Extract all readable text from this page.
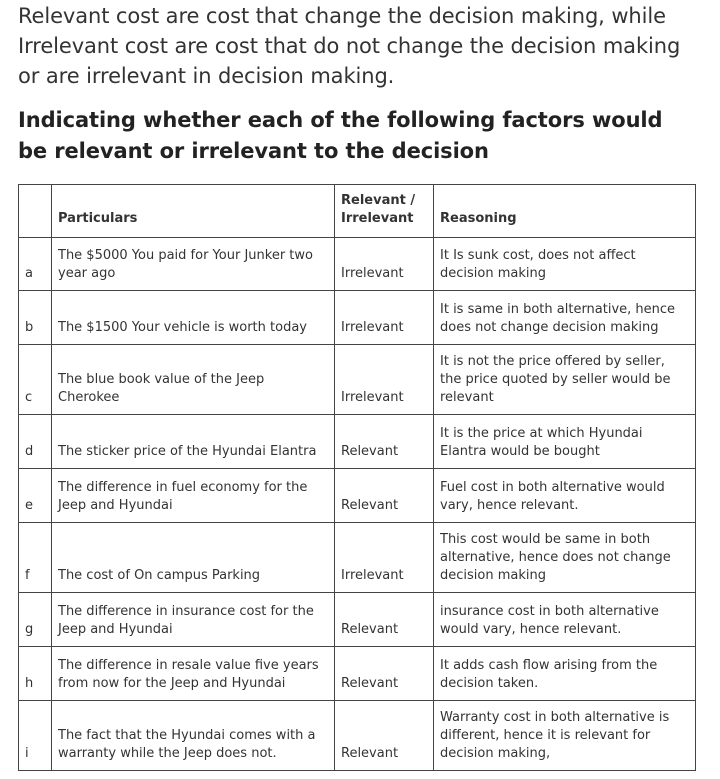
Relevant cost are cost that change the decision making, while Irrelevant cost are cost that do not change the decision making or are irrelevant in decision making.

Indicating whether each of the following factors would be relevant or irrelevant to the decision

	Particulars	Relevant / Irrelevant	Reasoning
a	The $5000 You paid for Your Junker two year ago	Irrelevant	It Is sunk cost, does not affect decision making
b	The $1500 Your vehicle is worth today	Irrelevant	It is same in both alternative, hence does not change decision making
c	The blue book value of the Jeep Cherokee	Irrelevant	It is not the price offered by seller, the price quoted by seller would be relevant
d	The sticker price of the Hyundai Elantra	Relevant	It is the price at which Hyundai Elantra would be bought
e	The difference in fuel economy for the Jeep and Hyundai	Relevant	Fuel cost in both alternative would vary, hence relevant.
f	The cost of On campus Parking	Irrelevant	This cost would be same in both alternative, hence does not change decision making
g	The difference in insurance cost for the Jeep and Hyundai	Relevant	insurance cost in both alternative would vary, hence relevant.
h	The difference in resale value five years from now for the Jeep and Hyundai	Relevant	It adds cash flow arising from the decision taken.
i	The fact that the Hyundai comes with a warranty while the Jeep does not.	Relevant	Warranty cost in both alternative is different, hence it is relevant for decision making,
